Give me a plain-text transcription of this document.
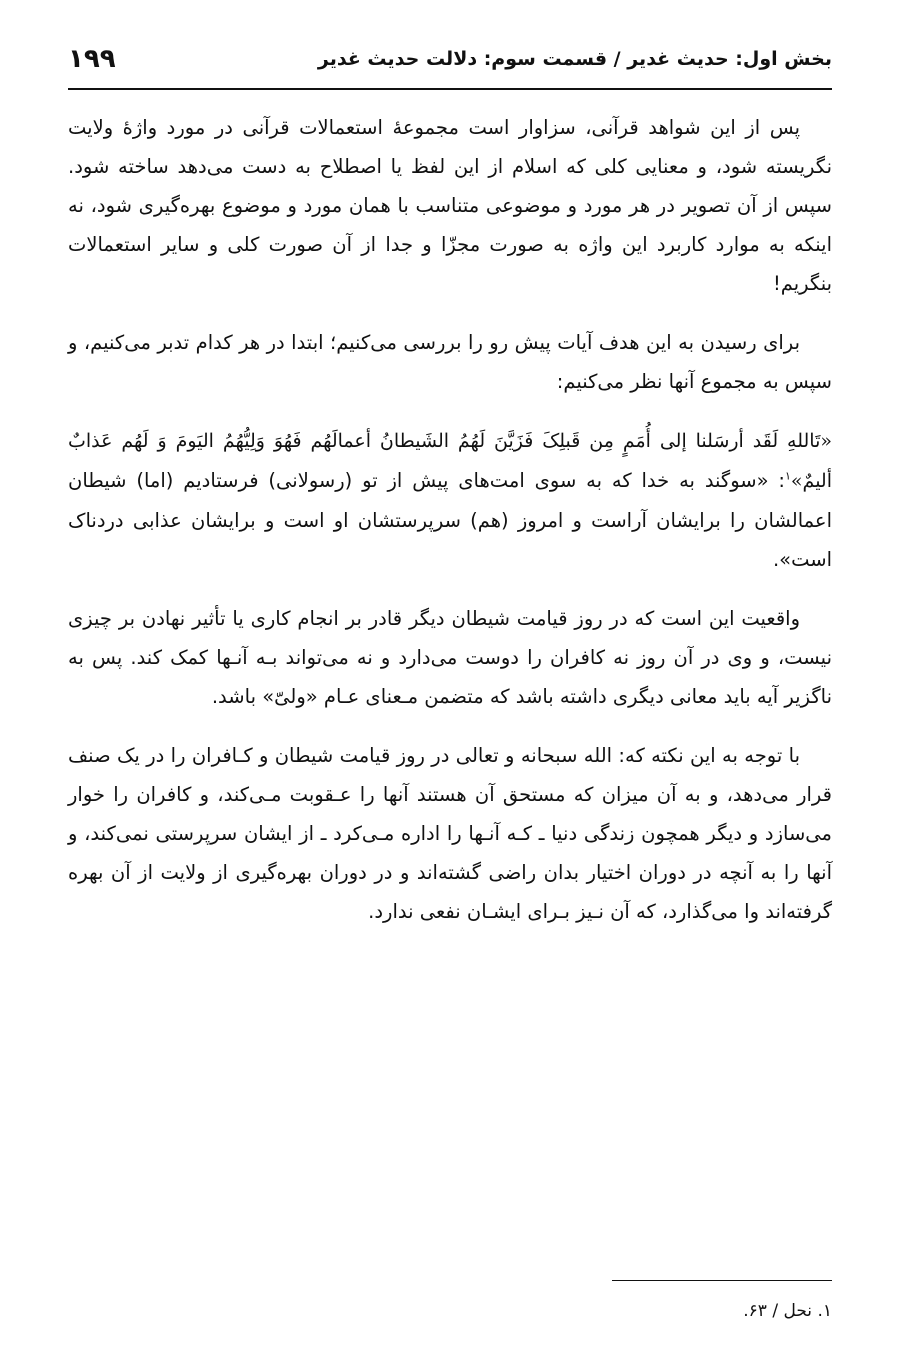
بخش اول: حدیث غدیر / قسمت سوم: دلالت حدیث غدیر
۱۹۹

پس از این شواهد قرآنی، سزاوار است مجموعهٔ استعمالات قرآنی در مورد واژهٔ ولایت نگریسته شود، و معنایی کلی که اسلام از این لفظ یا اصطلاح به دست می‌دهد ساخته شود. سپس از آن تصویر در هر مورد و موضوعی متناسب با همان مورد و موضوع بهره‌گیری شود، نه اینکه به موارد کاربرد این واژه به صورت مجزّا و جدا از آن صورت کلی و سایر استعمالات بنگریم!

برای رسیدن به این هدف آیات پیش رو را بررسی می‌کنیم؛ ابتدا در هر کدام تدبر می‌کنیم، و سپس به مجموع آنها نظر می‌کنیم:

«تَاللهِ لَقَد أرسَلنا إلى أُمَمٍ مِن قَبلِکَ فَزَيَّنَ لَهُمُ الشَيطانُ أعمالَهُم فَهُوَ وَلِيُّهُمُ اليَومَ وَ لَهُم عَذابٌ أليمٌ»$^۱$: «سوگند به خدا که به سوی امت‌های پیش از تو (رسولانی) فرستادیم (اما) شیطان اعمالشان را برایشان آراست و امروز (هم) سرپرستشان او است و برایشان عذابی دردناک است».

واقعیت این است که در روز قیامت شیطان دیگر قادر بر انجام کاری یا تأثیر نهادن بر چیزی نیست، و وی در آن روز نه کافران را دوست می‌دارد و نه می‌تواند بـه آنـها کمک کند. پس به ناگزیر آیه باید معانی دیگری داشته باشد که متضمن مـعنای عـام «ولیّ» باشد.

با توجه به این نکته که: الله سبحانه و تعالی در روز قیامت شیطان و کـافران را در یک صنف قرار می‌دهد، و به آن میزان که مستحق آن هستند آنها را عـقوبت مـی‌کند، و کافران را خوار می‌سازد و دیگر همچون زندگی دنیا ـ کـه آنـها را اداره مـی‌کرد ـ از ایشان سرپرستی نمی‌کند، و آنها را به آنچه در دوران اختیار بدان راضی گشته‌اند و در دوران بهره‌گیری از ولایت از آن بهره گرفته‌اند وا می‌گذارد، که آن نـیز بـرای ایشـان نفعی ندارد.

۱. نحل / ۶۳.
